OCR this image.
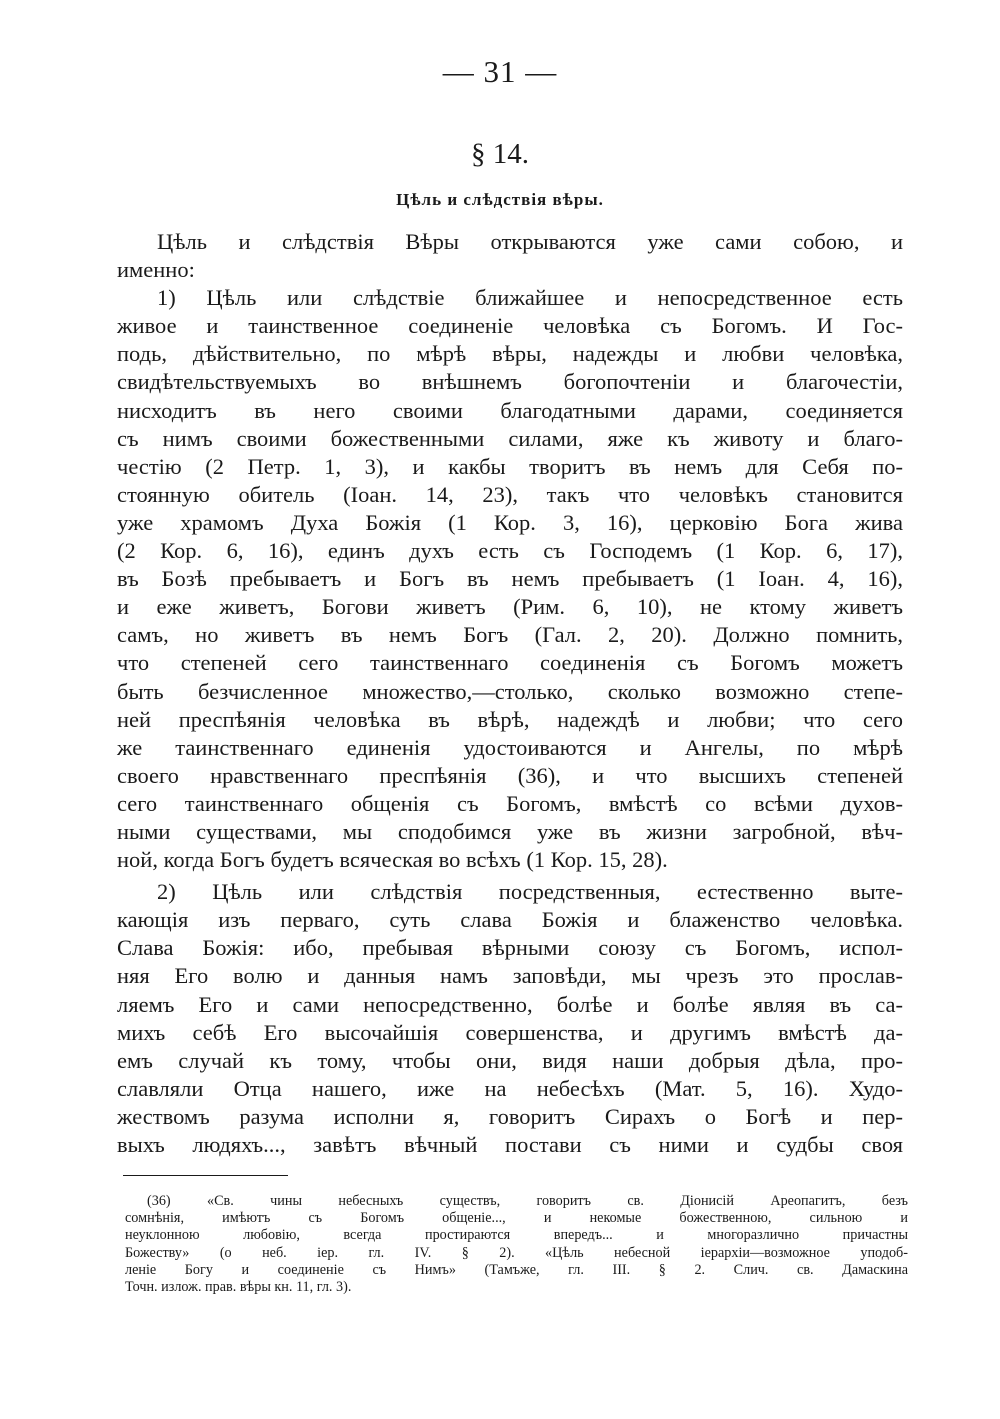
— 31 —
§ 14.
Цѣль и слѣдствія вѣры.
Цѣль и слѣдствія Вѣры открываются уже сами собою, и
именно:
1) Цѣль или слѣдствіе ближайшее и непосредственное есть
живое и таинственное соединеніе человѣка съ Богомъ. И Гос-
подь, дѣйствительно, по мѣрѣ вѣры, надежды и любви человѣка,
свидѣтельствуемыхъ во внѣшнемъ богопочтеніи и благочестіи,
нисходитъ въ него своими благодатными дарами, соединяется
съ нимъ своими божественными силами, яже къ животу и благо-
честію (2 Петр. 1, 3), и какбы творитъ въ немъ для Себя по-
стоянную обитель (Іоан. 14, 23), такъ что человѣкъ становится
уже храмомъ Духа Божія (1 Кор. 3, 16), церковію Бога жива
(2 Кор. 6, 16), единъ духъ есть съ Господемъ (1 Кор. 6, 17),
въ Бозѣ пребываетъ и Богъ въ немъ пребываетъ (1 Іоан. 4, 16),
и еже живетъ, Богови живетъ (Рим. 6, 10), не ктому живетъ
самъ, но живетъ въ немъ Богъ (Гал. 2, 20). Должно помнить,
что степеней сего таинственнаго соединенія съ Богомъ можетъ
быть безчисленное множество,—столько, сколько возможно степе-
ней преспѣянія человѣка въ вѣрѣ, надеждѣ и любви; что сего
же таинственнаго единенія удостоиваются и Ангелы, по мѣрѣ
своего нравственнаго преспѣянія (36), и что высшихъ степеней
сего таинственнаго общенія съ Богомъ, вмѣстѣ со всѣми духов-
ными существами, мы сподобимся уже въ жизни загробной, вѣч-
ной, когда Богъ будетъ всяческая во всѣхъ (1 Кор. 15, 28).
2) Цѣль или слѣдствія посредственныя, естественно выте-
кающія изъ перваго, суть слава Божія и блаженство человѣка.
Слава Божія: ибо, пребывая вѣрными союзу съ Богомъ, испол-
няя Его волю и данныя намъ заповѣди, мы чрезъ это прослав-
ляемъ Его и сами непосредственно, болѣе и болѣе являя въ са-
михъ себѣ Его высочайшія совершенства, и другимъ вмѣстѣ да-
емъ случай къ тому, чтобы они, видя наши добрыя дѣла, про-
славляли Отца нашего, иже на небесѣхъ (Мат. 5, 16). Худо-
жествомъ разума исполни я, говоритъ Сирахъ о Богѣ и пер-
выхъ людяхъ..., завѣтъ вѣчный постави съ ними и судбы своя
(36) «Св. чины небесныхъ существъ, говоритъ св. Діонисій Ареопагитъ, безъ
сомнѣнія, имѣютъ съ Богомъ общеніе..., и некомые божественною, сильною и
неуклонною любовію, всегда простираются впередъ... и многоразлично причастны
Божеству» (о неб. іер. гл. IV. § 2). «Цѣль небесной іерархіи—возможное уподоб-
леніе Богу и соединеніе съ Нимъ» (Тамъже, гл. III. § 2. Слич. св. Дамаскина
Точн. излож. прав. вѣры кн. 11, гл. 3).
